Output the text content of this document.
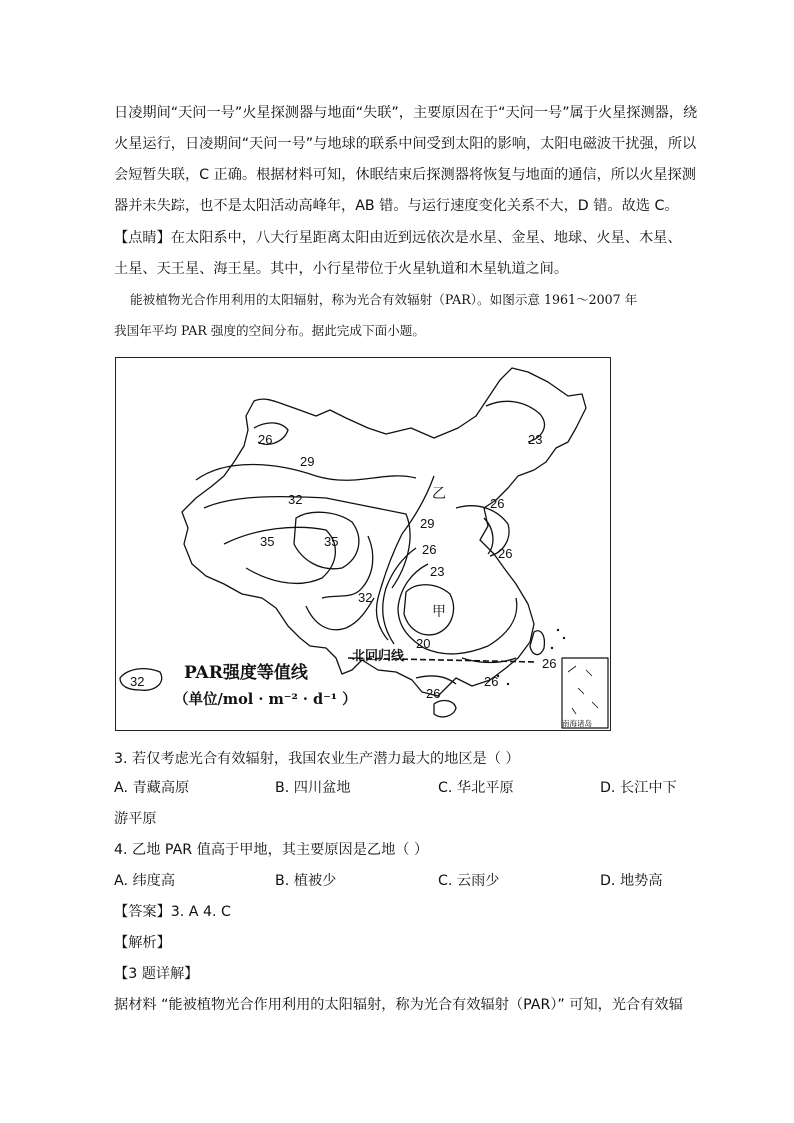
日凌期间“天问一号”火星探测器与地面“失联”，主要原因在于“天问一号”属于火星探测器，绕
火星运行，日凌期间“天问一号”与地球的联系中间受到太阳的影响，太阳电磁波干扰强，所以
会短暂失联，C 正确。根据材料可知，休眠结束后探测器将恢复与地面的通信，所以火星探测
器并未失踪，也不是太阳活动高峰年，AB 错。与运行速度变化关系不大，D 错。故选 C。
【点睛】在太阳系中，八大行星距离太阳由近到远依次是水星、金星、地球、火星、木星、
土星、天王星、海王星。其中，小行星带位于火星轨道和木星轨道之间。
能被植物光合作用利用的太阳辐射，称为光合有效辐射（PAR）。如图示意 1961～2007 年
我国年平均 PAR 强度的空间分布。据此完成下面小题。
26
29
32
35	35
32
23
26
29
26	26
23
20
26
26
26
乙
甲
北回归线
32 PAR强度等值线
（单位/mol · m⁻² · d⁻¹ ）
南海诸岛
3. 若仅考虑光合有效辐射，我国农业生产潜力最大的地区是（ ）
A. 青藏高原	B. 四川盆地	C. 华北平原	D. 长江中下
游平原
4. 乙地 PAR 值高于甲地，其主要原因是乙地（ ）
A. 纬度高	B. 植被少	C. 云雨少	D. 地势高
【答案】3. A 4. C
【解析】
【3 题详解】
据材料 “能被植物光合作用利用的太阳辐射，称为光合有效辐射（PAR）” 可知，光合有效辐
